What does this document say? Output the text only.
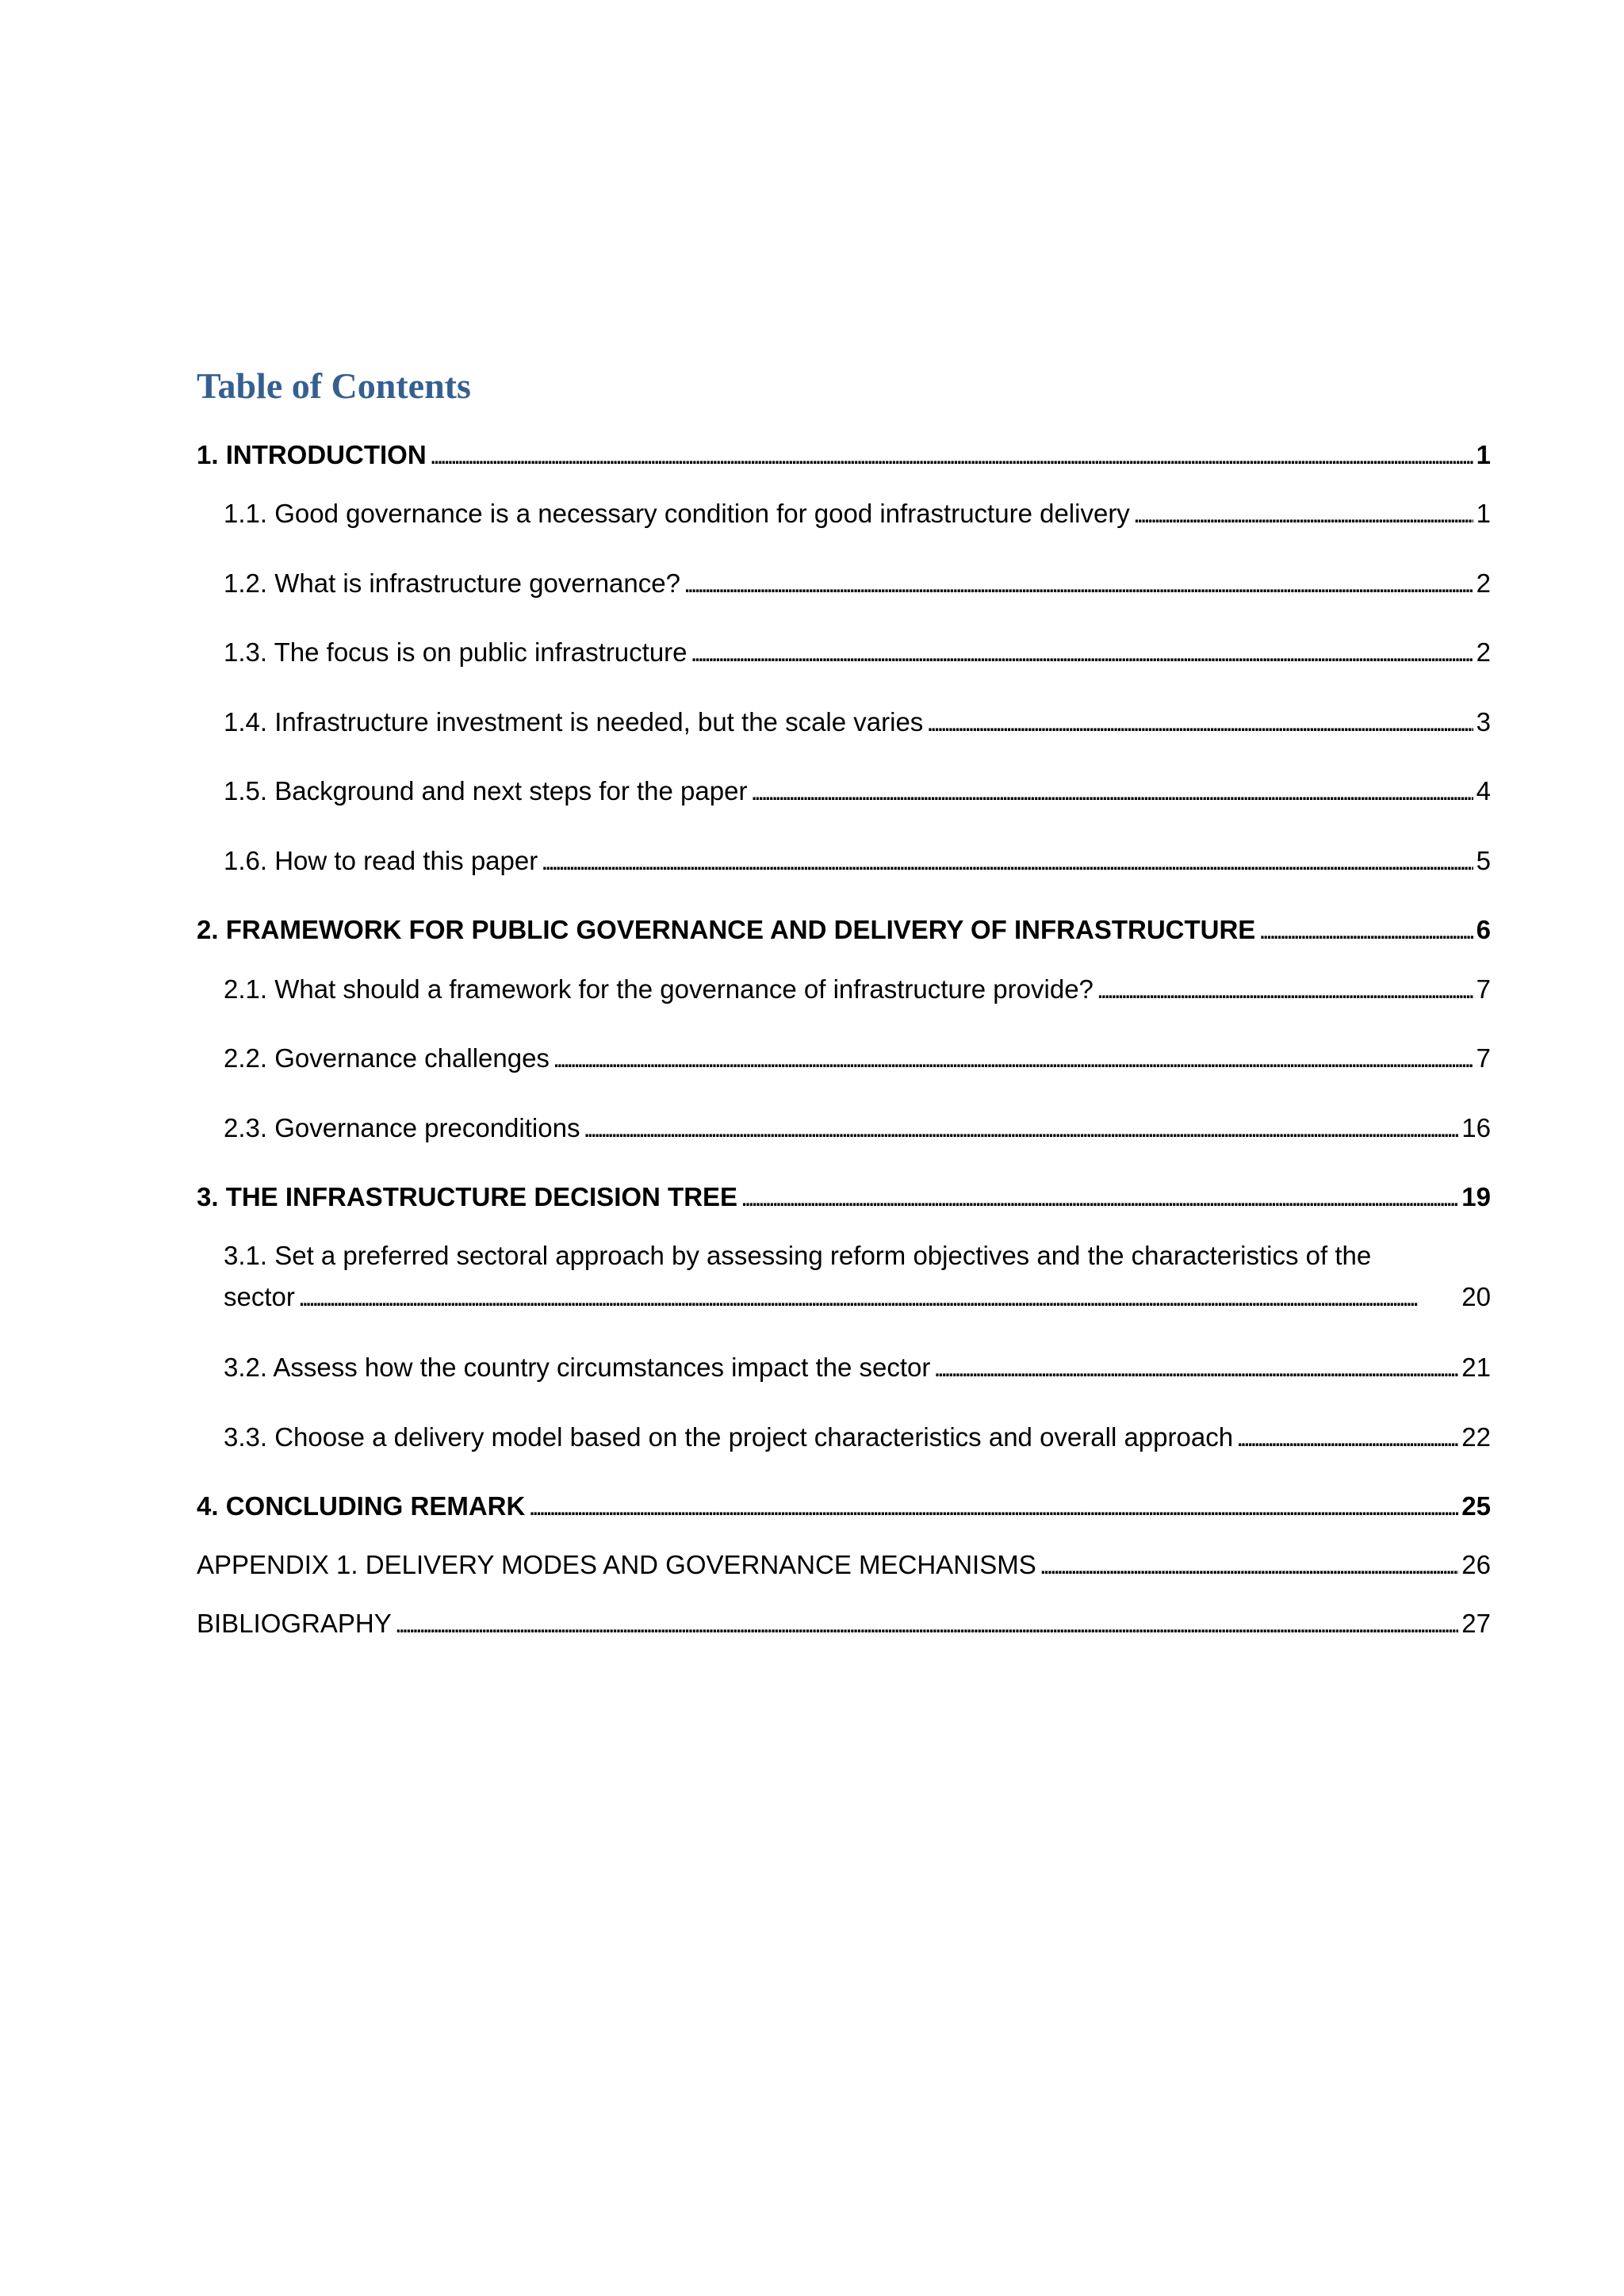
Table of Contents
1. INTRODUCTION . . .	1
1.1. Good governance is a necessary condition for good infrastructure delivery . . .	1
1.2. What is infrastructure governance? . . .	2
1.3. The focus is on public infrastructure . . .	2
1.4. Infrastructure investment is needed, but the scale varies . . .	3
1.5. Background and next steps for the paper . . .	4
1.6. How to read this paper . . .	5
2. FRAMEWORK FOR PUBLIC GOVERNANCE AND DELIVERY OF INFRASTRUCTURE . . .	6
2.1. What should a framework for the governance of infrastructure provide? . . .	7
2.2. Governance challenges . . .	7
2.3. Governance preconditions . . .	16
3. THE INFRASTRUCTURE DECISION TREE . . .	19
3.1. Set a preferred sectoral approach by assessing reform objectives and the characteristics of the
sector . . .	20
3.2. Assess how the country circumstances impact the sector . . .	21
3.3. Choose a delivery model based on the project characteristics and overall approach . . .	22
4. CONCLUDING REMARK . . .	25
APPENDIX 1. DELIVERY MODES AND GOVERNANCE MECHANISMS . . .	26
BIBLIOGRAPHY . . .	27
